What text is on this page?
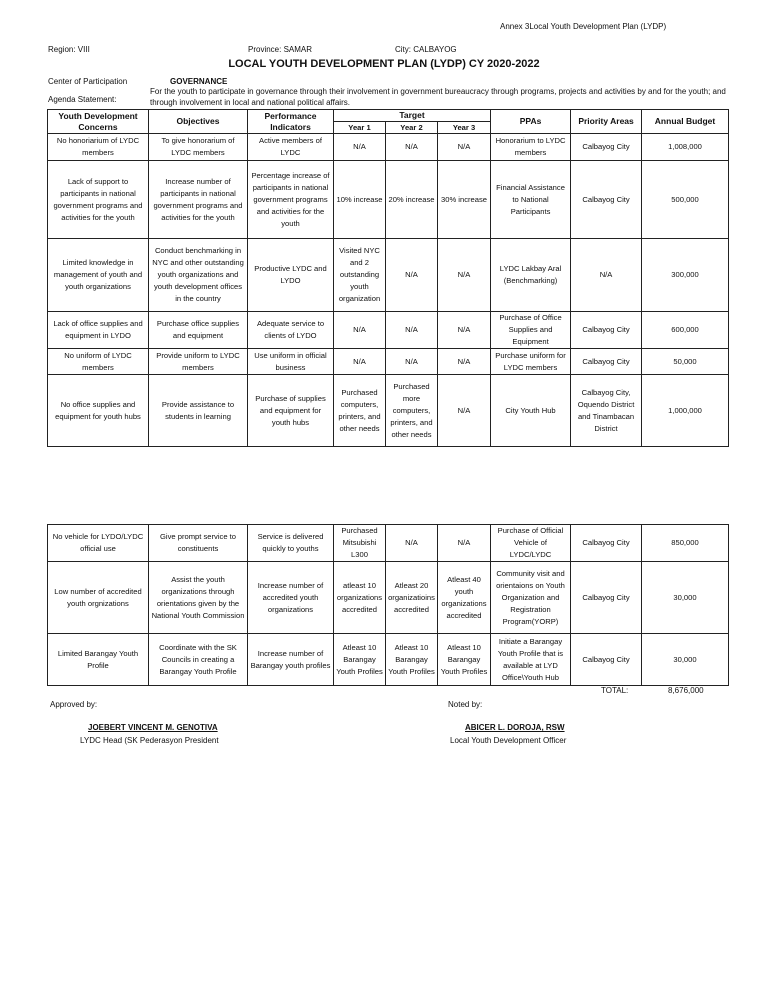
Annex 3Local Youth Development Plan (LYDP)
Region: VIII	Province: SAMAR	City: CALBAYOG
LOCAL YOUTH DEVELOPMENT PLAN (LYDP) CY 2020-2022
Center of Participation	GOVERNANCE
Agenda Statement:
For the youth to participate in governance through their involvement in government bureaucracy through programs, projects and activities by and for the youth; and through involvement in local and national political affairs.
Youth Development Concerns	Objectives	Performance Indicators	Target			PPAs	Priority Areas	Annual Budget
			Year 1	Year 2	Year 3			
No honoriarium of LYDC members	To give honorarium of LYDC members	Active members of LYDC	N/A	N/A	N/A	Honorarium to LYDC members	Calbayog City	1,008,000
Lack of support to participants in national government programs and activities for the youth	Increase number of participants in national government programs and activities for the youth	Percentage increase of participants in national government programs and activities for the youth	10% increase	20% increase	30% increase	Financial Assistance to National Participants	Calbayog City	500,000
Limited knowledge in management of youth and youth organizations	Conduct benchmarking in NYC and other outstanding youth organizations and youth development offices in the country	Productive LYDC and LYDO	Visited NYC and 2 outstanding youth organization	N/A	N/A	LYDC Lakbay Aral (Benchmarking)	N/A	300,000
Lack of office supplies and equipment in LYDO	Purchase office supplies and equipment	Adequate service to clients of LYDO	N/A	N/A	N/A	Purchase of Office Supplies and Equipment	Calbayog City	600,000
No uniform of LYDC members	Provide uniform to LYDC members	Use uniform in official business	N/A	N/A	N/A	Purchase uniform for LYDC members	Calbayog City	50,000
No office supplies and equipment for youth hubs	Provide assistance to students in learning	Purchase of supplies and equipment for youth hubs	Purchased computers, printers, and other needs	Purchased more computers, printers, and other needs	N/A	City Youth Hub	Calbayog City, Oquendo District and Tinambacan District	1,000,000
No vehicle for LYDO/LYDC official use	Give prompt service to constituents	Service is delivered quickly to youths	Purchased Mitsubishi L300	N/A	N/A	Purchase of Official Vehicle of LYDC/LYDC	Calbayog City	850,000
Low number of accredited youth orgnizations	Assist the youth organizations through orientations given by the National Youth Commission	Increase number of accredited youth organizations	atleast 10 organizations accredited	Atleast 20 organizatioins accredited	Atleast 40 youth organizations accredited	Community visit and orientaions on Youth Organization and Registration Program(YORP)	Calbayog City	30,000
Limited Barangay Youth Profile	Coordinate with the SK Councils in creating a Barangay Youth Profile	Increase number of Barangay youth profiles	Atleast 10 Barangay Youth Profiles	Atleast 10 Barangay Youth Profiles	Atleast 10 Barangay Youth Profiles	Initiate a Barangay Youth Profile that is available at LYD Office\Youth Hub	Calbayog City	30,000
TOTAL:	8,676,000
Approved by:
JOEBERT VINCENT M. GENOTIVA
LYDC Head (SK Pederasyon President
Noted by:
ABICER L. DOROJA, RSW
Local Youth Development Officer
